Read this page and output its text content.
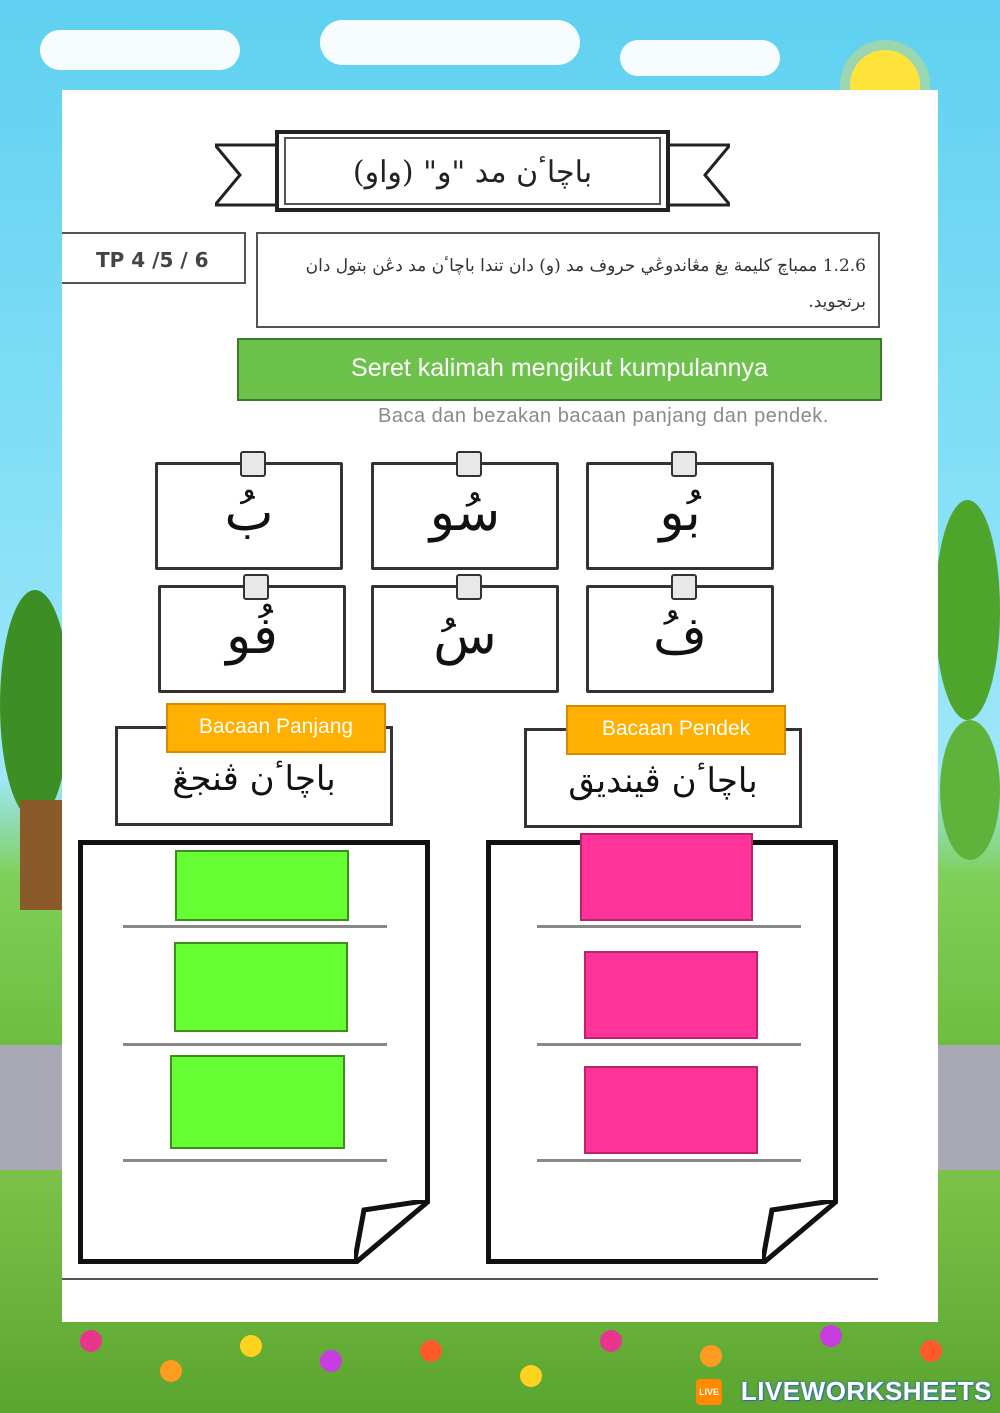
باچاٴن مد "و" (واو)
TP 4 /5 / 6	1.2.6 ممباچ كليمة يغ مڠاندوڠي حروف مد (و) دان تندا باچاٴن مد دڠن بتول دان برتجويد.
Seret kalimah mengikut kumpulannya
Baca dan bezakan bacaan panjang dan pendek.
بُ	سُو	بُو
فُو	سُ	فُ
باچاٴن ڤنجڠ
Bacaan Panjang
باچاٴن ڤينديق
Bacaan Pendek
LIVE LIVEWORKSHEETS
